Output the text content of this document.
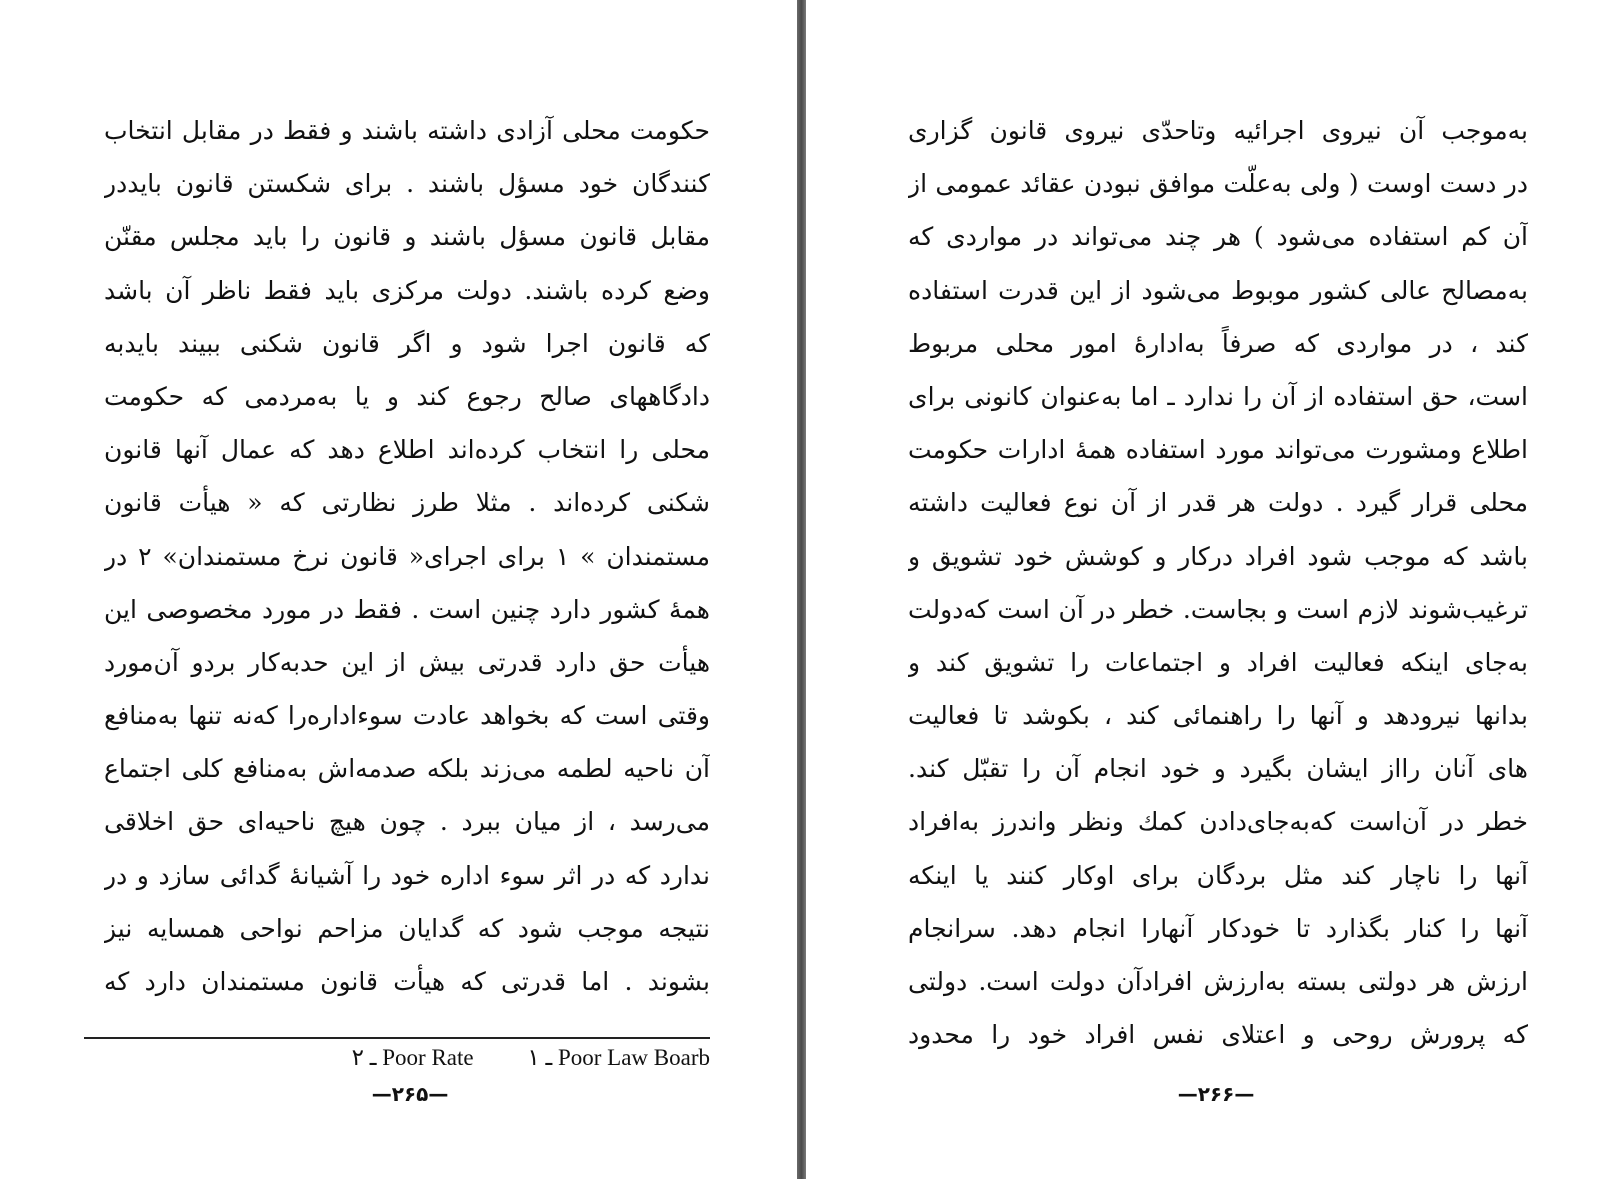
حکومت محلی آزادی داشته باشند و فقط در مقابل انتخاب
کنندگان خود مسؤل باشند . برای شکستن قانون بایددر
مقابل قانون مسؤل باشند و قانون را باید مجلس مقنّن
وضع کرده باشند. دولت مرکزی باید فقط ناظر آن باشد
که قانون اجرا شود و اگر قانون شکنی ببیند بایدبه‌
دادگاههای صالح رجوع کند و یا به‌مردمی که حکومت
محلی را انتخاب کرده‌اند اطلاع دهد که عمال آنها قانون
شکنی کرده‌اند . مثلا طرز نظارتی که « هیأت قانون
مستمندان » ۱ برای اجرای« قانون نرخ مستمندان» ۲ در
همهٔ کشور دارد چنین است . فقط در مورد مخصوصی این
هیأت حق دارد قدرتی بیش از این حدبه‌کار بردو آن‌مورد
وقتی است که بخواهد عادت سوءاداره‌را که‌نه تنها به‌منافع
آن ناحیه لطمه می‌زند بلکه صدمه‌اش به‌منافع کلی اجتماع
می‌رسد ، از میان ببرد . چون هیچ ناحیه‌ای حق اخلاقی
ندارد که در اثر سوء اداره خود را آشیانهٔ گدائی سازد و در
نتیجه موجب شود که گدایان مزاحم نواحی همسایه نیز
بشوند . اما قدرتی که هیأت قانون مستمندان دارد که
Poor Law Boarb ـ ۱ Poor Rate ـ ۲
—۲۶۵—
به‌موجب آن نیروی اجرائیه وتاحدّی نیروی قانون گزاری
در دست اوست ( ولی به‌علّت موافق نبودن عقائد عمومی از
آن کم استفاده می‌شود ) هر چند می‌تواند در مواردی که
به‌مصالح عالی کشور موبوط می‌شود از این قدرت استفاده
کند ، در مواردی که صرفاً به‌ادارهٔ امور محلی مربوط
است، حق استفاده از آن را ندارد ـ اما به‌عنوان کانونی برای
اطلاع ومشورت می‌تواند مورد استفاده همهٔ ادارات حکومت
محلی قرار گیرد . دولت هر قدر از آن نوع فعالیت داشته
باشد که موجب شود افراد درکار و کوشش خود تشویق و
ترغیب‌شوند لازم است و بجاست. خطر در آن است که‌دولت
به‌جای اینکه فعالیت افراد و اجتماعات را تشویق کند و
بدانها نیرودهد و آنها را راهنمائی کند ، بکوشد تا فعالیت‌
های آنان رااز ایشان بگیرد و خود انجام آن را تقبّل کند.
خطر در آن‌است که‌به‌جای‌دادن کمك ونظر واندرز به‌افراد
آنها را ناچار کند مثل بردگان برای اوکار کنند یا اینکه
آنها را کنار بگذارد تا خودکار آنهارا انجام دهد. سرانجام
ارزش هر دولتی بسته به‌ارزش افرادآن دولت است. دولتی
که پرورش روحی و اعتلای نفس افراد خود را محدود
—۲۶۶—
